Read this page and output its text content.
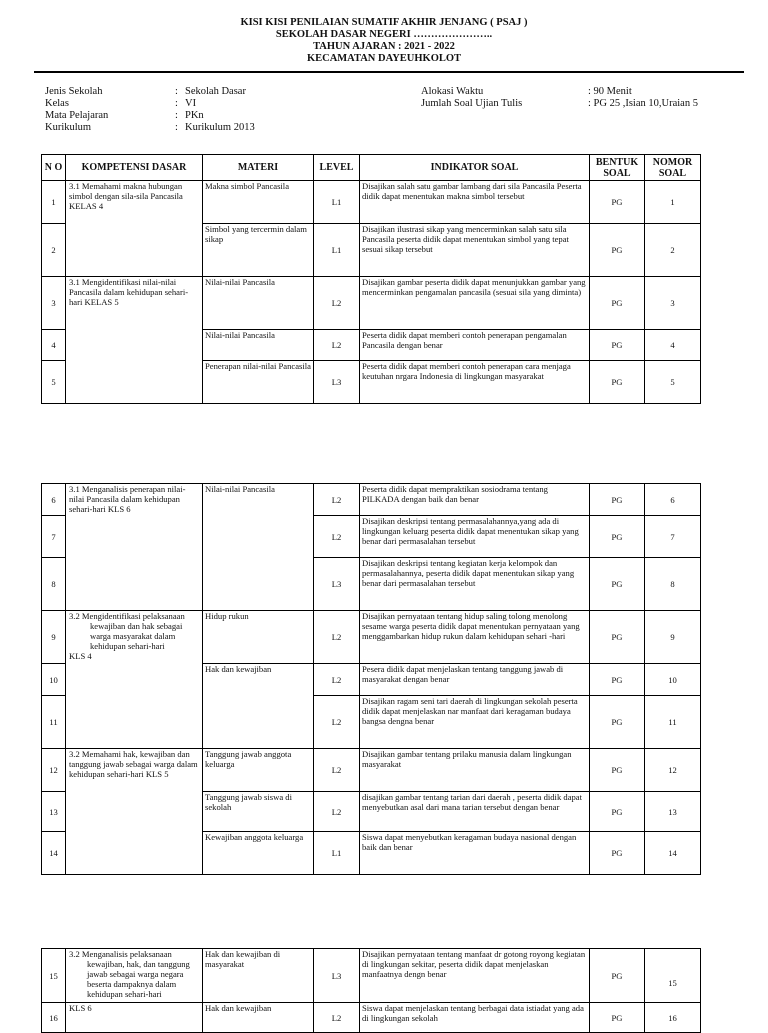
KISI KISI PENILAIAN SUMATIF AKHIR JENJANG ( PSAJ )
SEKOLAH DASAR NEGERI …………………..
TAHUN AJARAN : 2021 - 2022
KECAMATAN DAYEUHKOLOT
Jenis Sekolah	: Sekolah Dasar
Kelas	: VI
Mata Pelajaran	: PKn
Kurikulum	: Kurikulum 2013
Alokasi Waktu	: 90 Menit
Jumlah Soal Ujian Tulis	: PG 25 ,Isian 10,Uraian 5
N O	KOMPETENSI DASAR	MATERI	LEVEL	INDIKATOR SOAL	BENTUK SOAL	NOMOR SOAL
1	3.1 Memahami makna hubungan simbol dengan sila-sila Pancasila KELAS 4	Makna simbol Pancasila	L1	Disajikan salah satu gambar lambang dari sila Pancasila Peserta didik dapat menentukan makna simbol tersebut	PG	1
2		Simbol yang tercermin dalam sikap	L1	Disajikan ilustrasi sikap yang mencerminkan salah satu sila Pancasila peserta didik dapat menentukan simbol yang tepat sesuai sikap tersebut	PG	2
3	3.1 Mengidentifikasi nilai-nilai Pancasila dalam kehidupan sehari-hari KELAS 5	Nilai-nilai Pancasila	L2	Disajikan gambar peserta didik dapat menunjukkan gambar yang mencerminkan pengamalan pancasila (sesuai sila yang diminta)	PG	3
4		Nilai-nilai Pancasila	L2	Peserta didik dapat memberi contoh penerapan pengamalan Pancasila dengan benar	PG	4
5		Penerapan nilai-nilai Pancasila	L3	Peserta didik dapat memberi contoh penerapan cara menjaga keutuhan nrgara Indonesia di lingkungan masyarakat	PG	5
6	3.1 Menganalisis penerapan nilai-nilai Pancasila dalam kehidupan sehari-hari KLS 6	Nilai-nilai Pancasila	L2	Peserta didik dapat mempraktikan sosiodrama tentang PILKADA dengan baik dan benar	PG	6
7			L2	Disajikan deskripsi tentang permasalahannya,yang ada di lingkungan keluarg peserta didik dapat menentukan sikap yang benar dari permasalahan tersebut	PG	7
8			L3	Disajikan deskripsi tentang kegiatan kerja kelompok dan permasalahannya, peserta didik dapat menentukan sikap yang benar dari permasalahan tersebut	PG	8
9	3.2 Mengidentifikasi pelaksanaan kewajiban dan hak sebagai warga masyarakat dalam kehidupan sehari-hari
KLS 4	Hidup rukun	L2	Disajikan pernyataan tentang hidup saling tolong menolong sesame warga peserta didik dapat menentukan pernyataan yang menggambarkan hidup rukun dalam kehidupan sehari -hari	PG	9
10		Hak dan kewajiban	L2	Pesera didik dapat menjelaskan tentang tanggung jawab di masyarakat dengan benar	PG	10
11			L2	Disajikan ragam seni tari daerah di lingkungan sekolah peserta didik dapat menjelaskan nar manfaat dari keragaman budaya bangsa dengna benar	PG	11
12	3.2 Memahami hak, kewajiban dan tanggung jawab sebagai warga dalam kehidupan sehari-hari KLS 5	Tanggung jawab anggota keluarga	L2	Disajikan gambar tentang prilaku manusia dalam lingkungan masyarakat	PG	12
13		Tanggung jawab siswa di sekolah	L2	disajikan gambar tentang tarian dari daerah , peserta didik dapat menyebutkan asal dari mana tarian tersebut dengan benar	PG	13
14		Kewajiban anggota keluarga	L1	Siswa dapat menyebutkan keragaman budaya nasional dengan baik dan benar	PG	14
15	3.2 Menganalisis pelaksanaan kewajiban, hak, dan tanggung jawab sebagai warga negara beserta dampaknya dalam kehidupan sehari-hari	Hak dan kewajiban di masyarakat	L3	Disajikan pernyataan tentang manfaat dr gotong royong kegiatan di lingkungan sekitar, peserta didik dapat menjelaskan manfaatnya dengn benar	PG	15
16	KLS 6	Hak dan kewajiban	L2	Siswa dapat menjelaskan tentang berbagai data istiadat yang ada di lingkungan sekolah	PG	16
